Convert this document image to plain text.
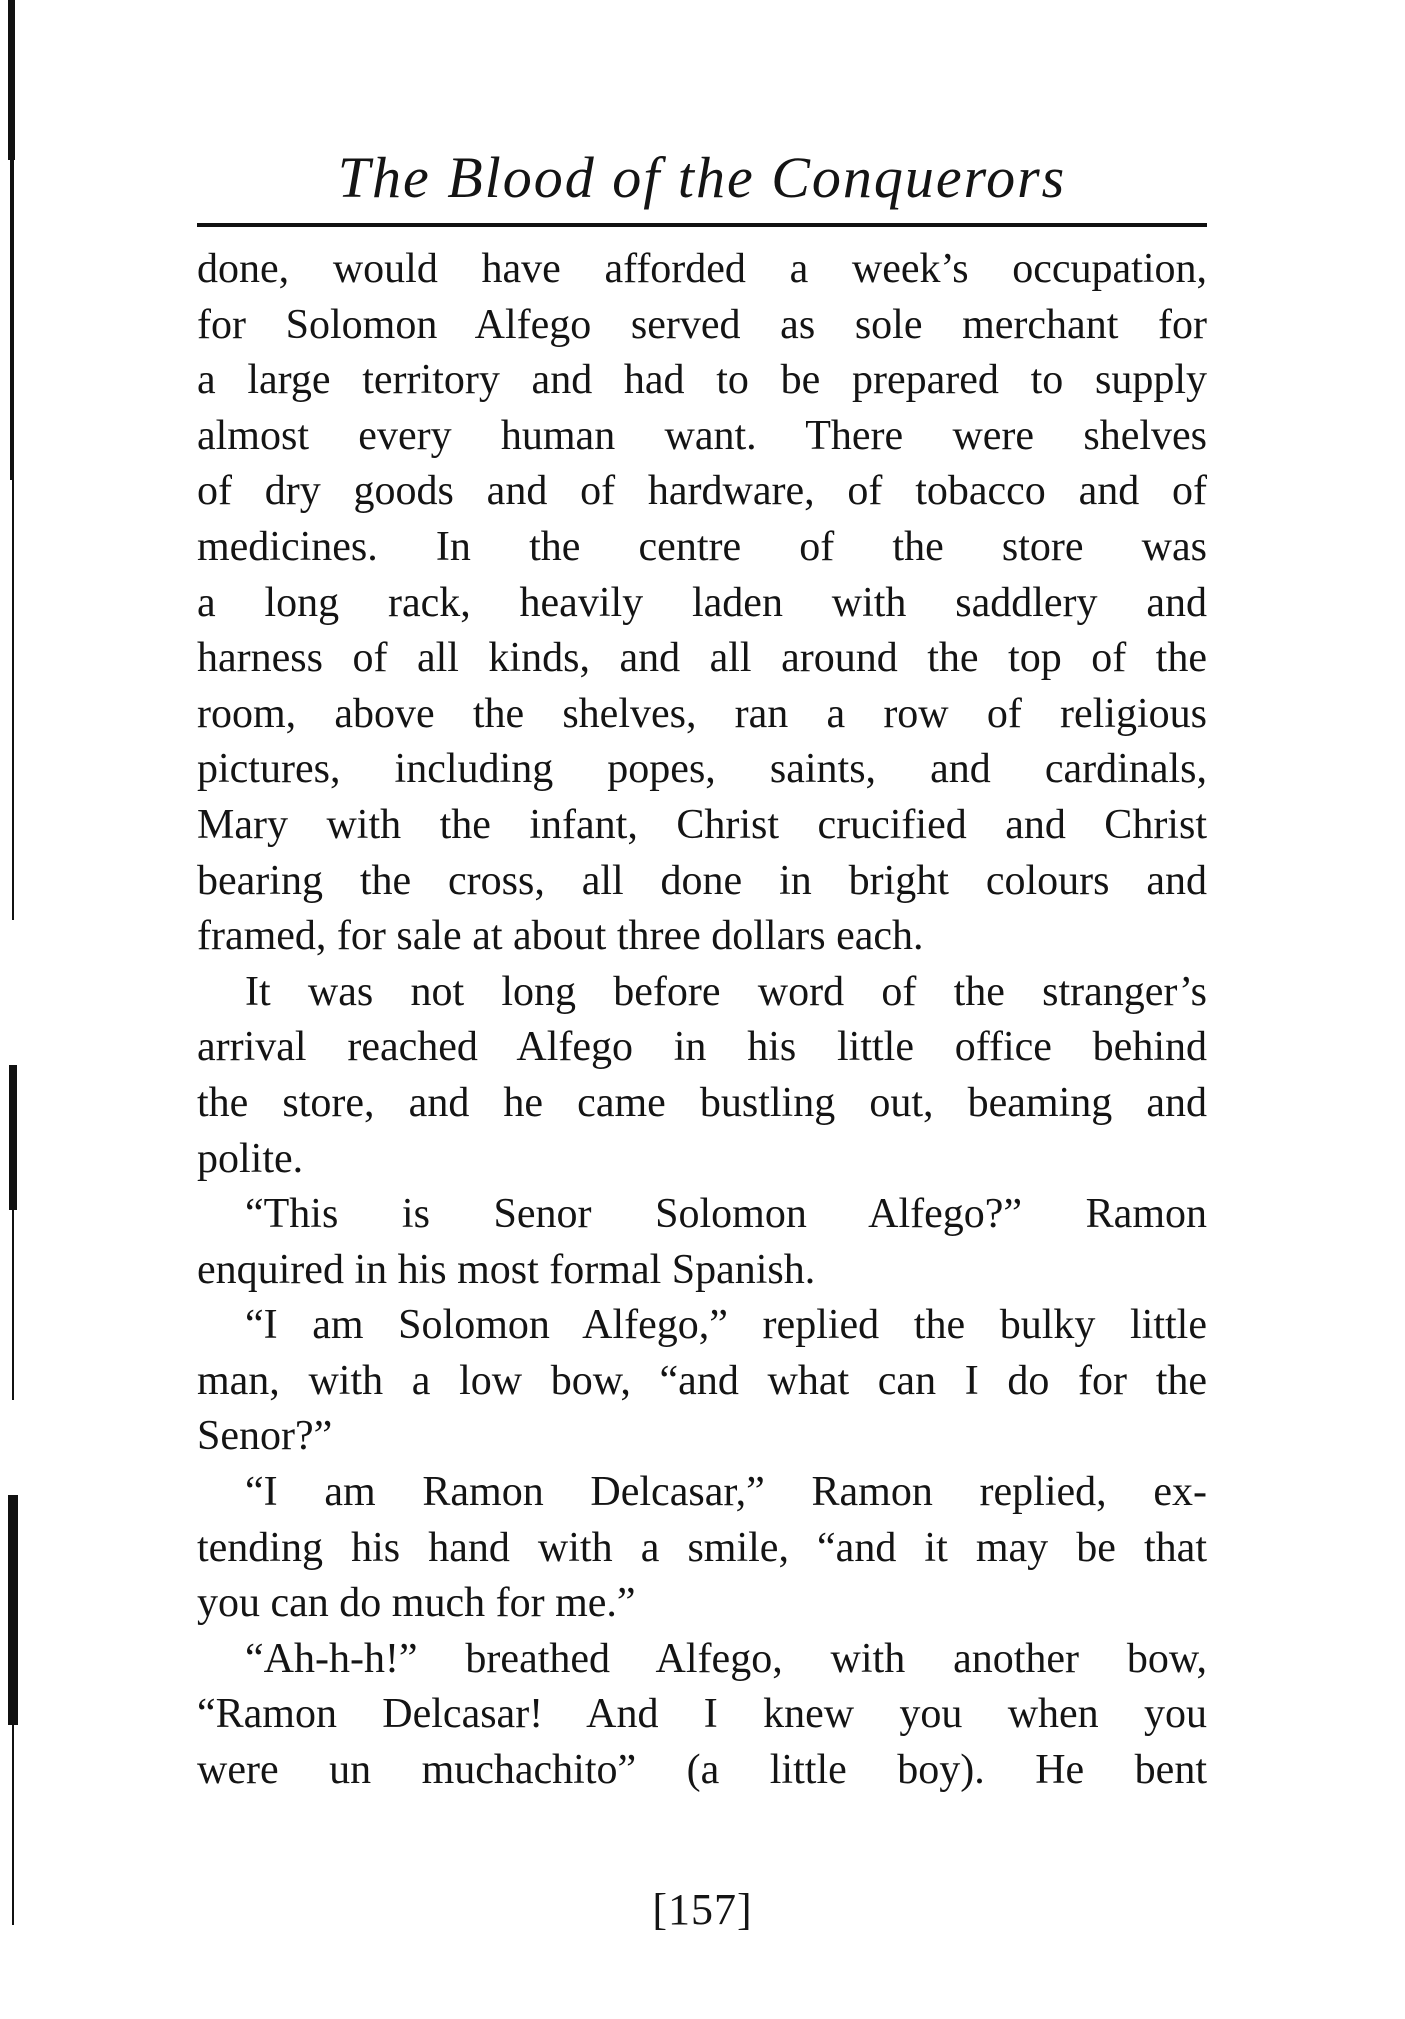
The Blood of the Conquerors
done, would have afforded a week’s occupation,
for Solomon Alfego served as sole merchant for
a large territory and had to be prepared to supply
almost every human want. There were shelves
of dry goods and of hardware, of tobacco and of
medicines. In the centre of the store was
a long rack, heavily laden with saddlery and
harness of all kinds, and all around the top of the
room, above the shelves, ran a row of religious
pictures, including popes, saints, and cardinals,
Mary with the infant, Christ crucified and Christ
bearing the cross, all done in bright colours and
framed, for sale at about three dollars each.
It was not long before word of the stranger’s
arrival reached Alfego in his little office behind
the store, and he came bustling out, beaming and
polite.
“This is Senor Solomon Alfego?” Ramon
enquired in his most formal Spanish.
“I am Solomon Alfego,” replied the bulky little
man, with a low bow, “and what can I do for the
Senor?”
“I am Ramon Delcasar,” Ramon replied, ex-
tending his hand with a smile, “and it may be that
you can do much for me.”
“Ah-h-h!” breathed Alfego, with another bow,
“Ramon Delcasar! And I knew you when you
were un muchachito” (a little boy). He bent
[157]
